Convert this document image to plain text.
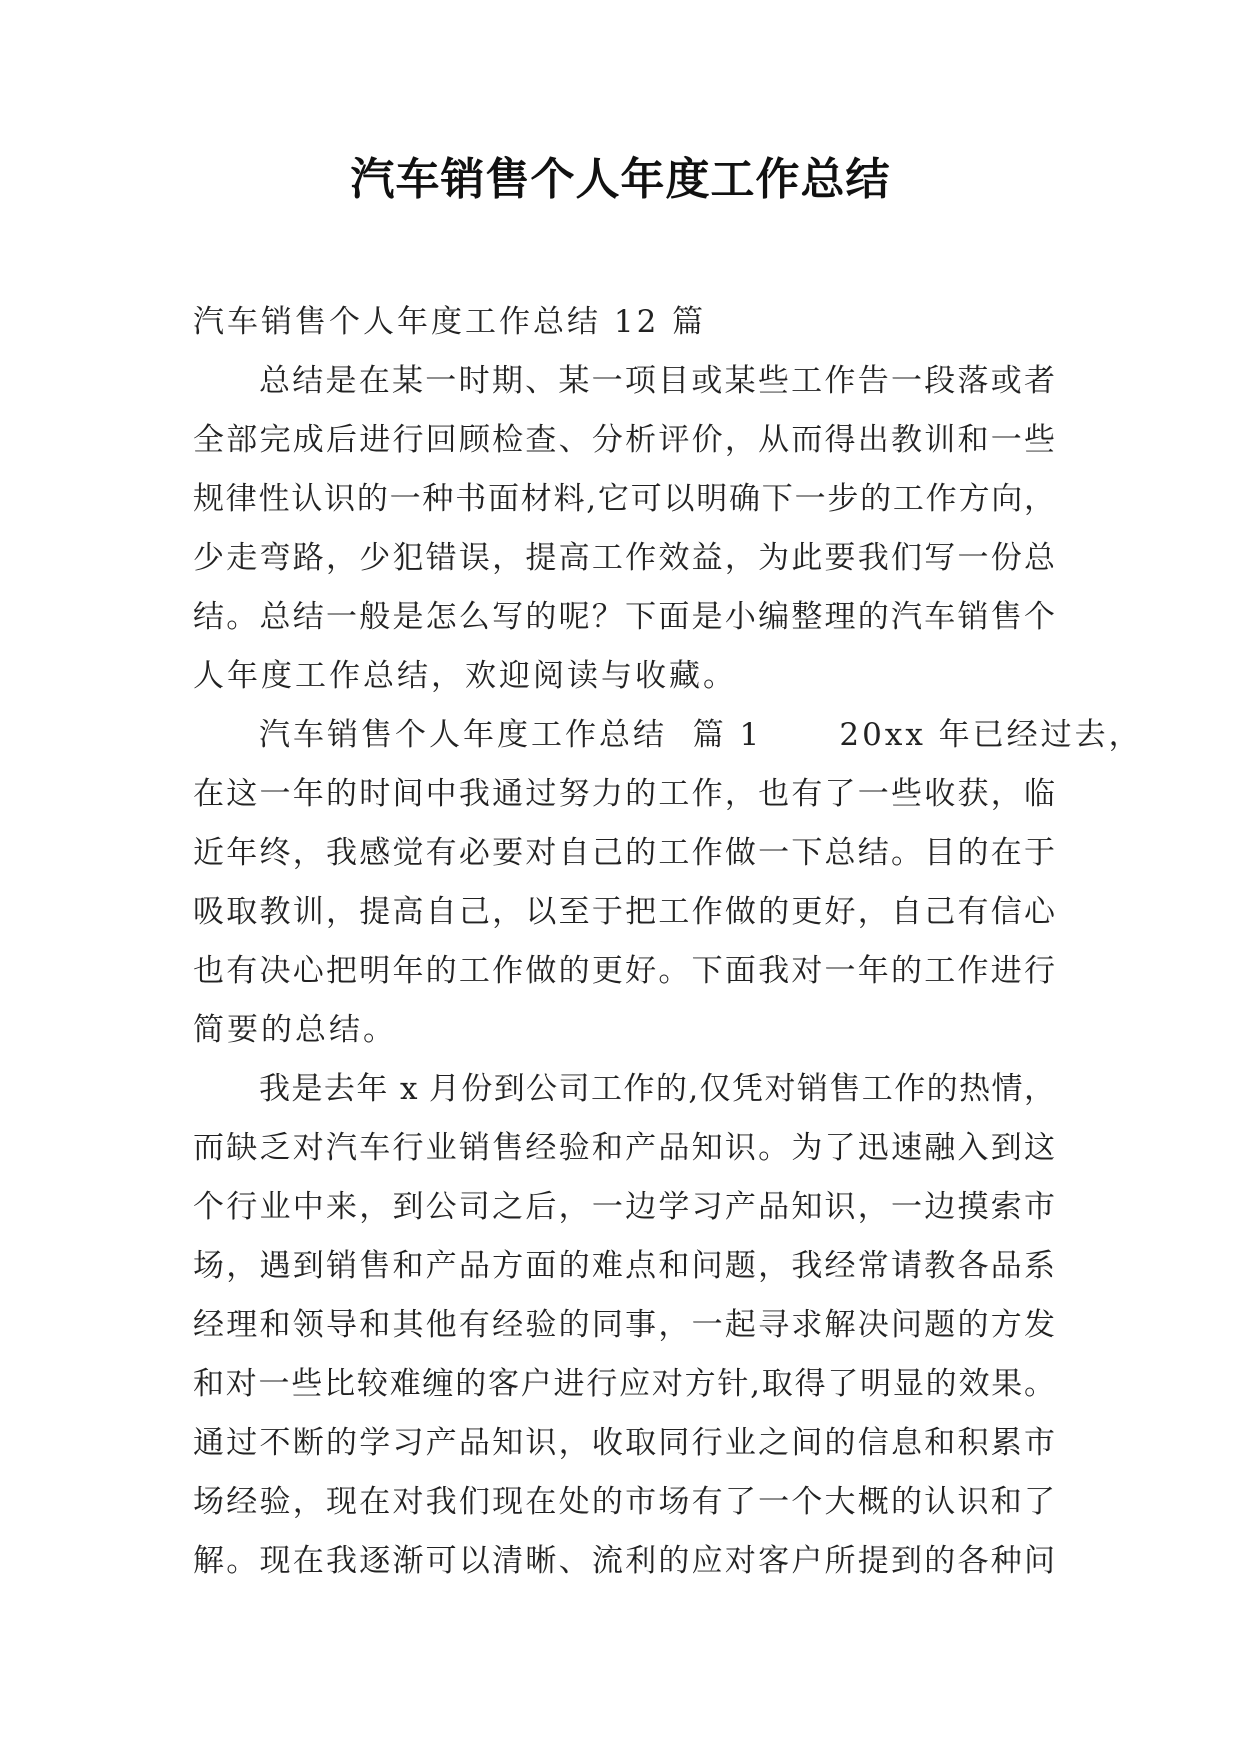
汽车销售个人年度工作总结
汽车销售个人年度工作总结 12 篇
总结是在某一时期、某一项目或某些工作告一段落或者
全部完成后进行回顾检查、分析评价，从而得出教训和一些
规律性认识的一种书面材料,它可以明确下一步的工作方向，
少走弯路，少犯错误，提高工作效益，为此要我们写一份总
结。总结一般是怎么写的呢？下面是小编整理的汽车销售个
人年度工作总结，欢迎阅读与收藏。
汽车销售个人年度工作总结  篇 1      20xx 年已经过去，
在这一年的时间中我通过努力的工作，也有了一些收获，临
近年终，我感觉有必要对自己的工作做一下总结。目的在于
吸取教训，提高自己，以至于把工作做的更好，自己有信心
也有决心把明年的工作做的更好。下面我对一年的工作进行
简要的总结。
我是去年 x 月份到公司工作的,仅凭对销售工作的热情，
而缺乏对汽车行业销售经验和产品知识。为了迅速融入到这
个行业中来，到公司之后，一边学习产品知识，一边摸索市
场，遇到销售和产品方面的难点和问题，我经常请教各品系
经理和领导和其他有经验的同事，一起寻求解决问题的方发
和对一些比较难缠的客户进行应对方针,取得了明显的效果。
通过不断的学习产品知识，收取同行业之间的信息和积累市
场经验，现在对我们现在处的市场有了一个大概的认识和了
解。现在我逐渐可以清晰、流利的应对客户所提到的各种问
